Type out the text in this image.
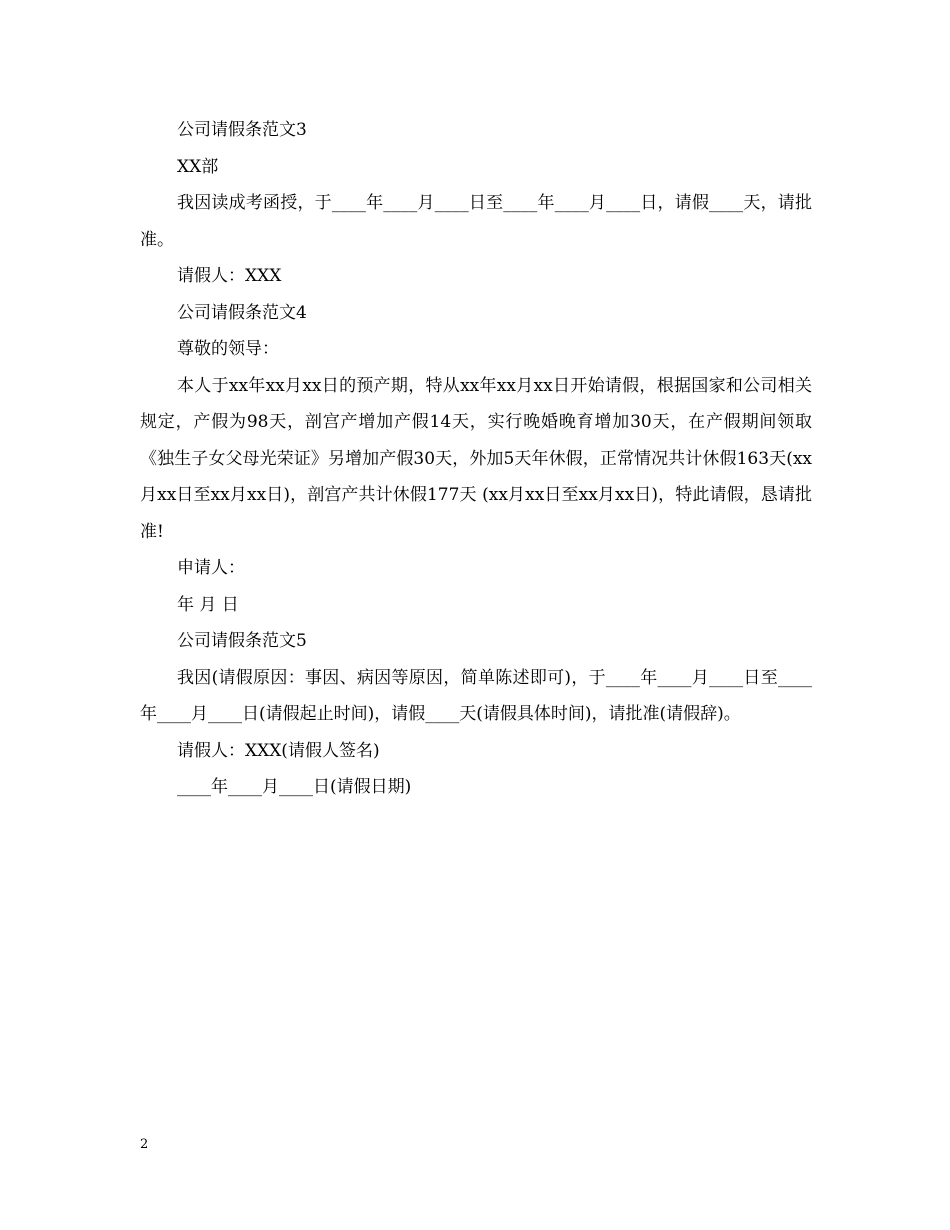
公司请假条范文3
XX部
我因读成考函授，于____年____月____日至____年____月____日，请假____天，请批准。
请假人：XXX
公司请假条范文4
尊敬的领导：
本人于xx年xx月xx日的预产期，特从xx年xx月xx日开始请假，根据国家和公司相关规定，产假为98天，剖宫产增加产假14天，实行晚婚晚育增加30天，在产假期间领取《独生子女父母光荣证》另增加产假30天，外加5天年休假，正常情况共计休假163天(xx月xx日至xx月xx日)，剖宫产共计休假177天 (xx月xx日至xx月xx日)，特此请假，恳请批准!
申请人：
年 月 日
公司请假条范文5
我因(请假原因：事因、病因等原因，简单陈述即可)，于____年____月____日至____年____月____日(请假起止时间)，请假____天(请假具体时间)，请批准(请假辞)。
请假人：XXX(请假人签名)
____年____月____日(请假日期)
2
